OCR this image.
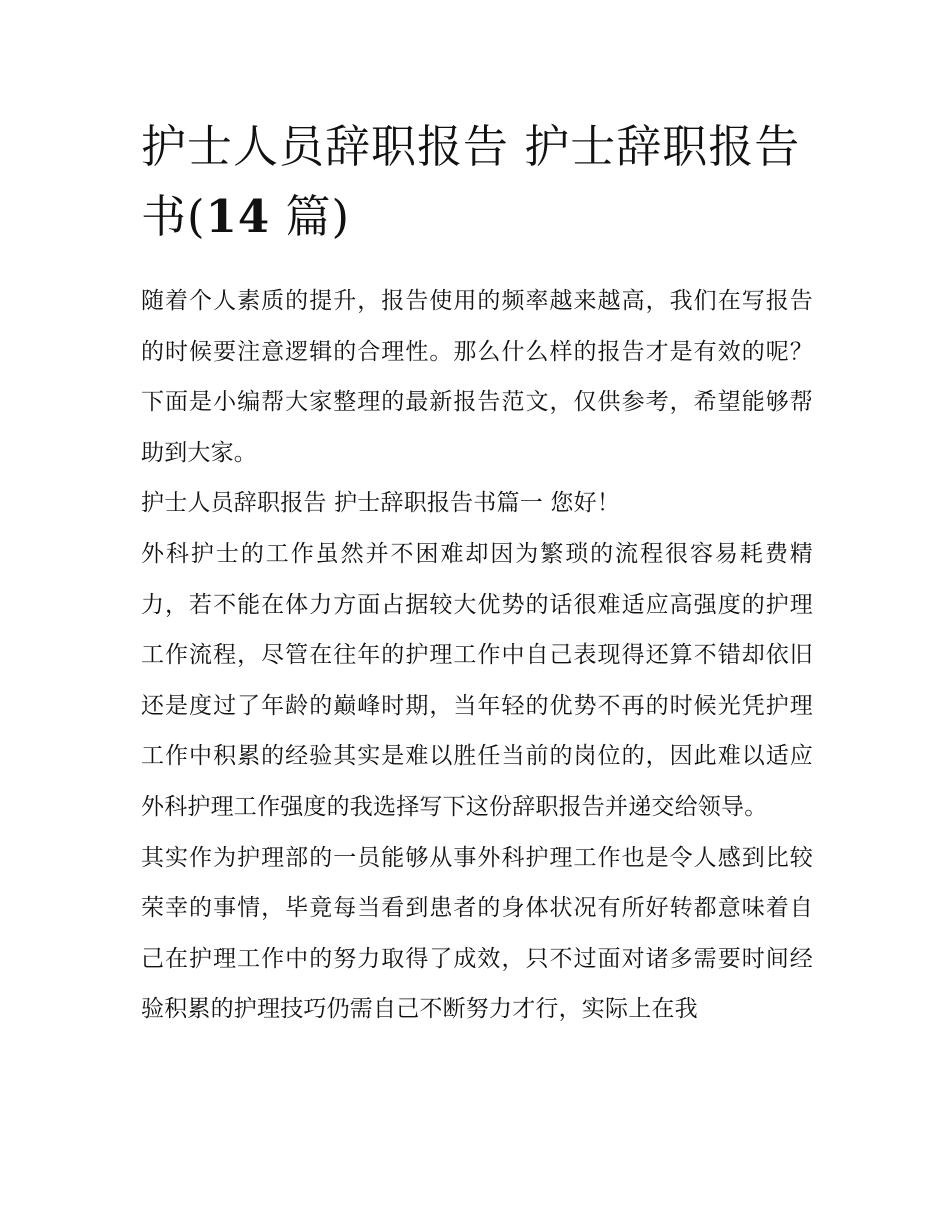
护士人员辞职报告 护士辞职报告书(14 篇)

随着个人素质的提升，报告使用的频率越来越高，我们在写报告的时候要注意逻辑的合理性。那么什么样的报告才是有效的呢？下面是小编帮大家整理的最新报告范文，仅供参考，希望能够帮助到大家。

护士人员辞职报告 护士辞职报告书篇一 您好！

外科护士的工作虽然并不困难却因为繁琐的流程很容易耗费精力，若不能在体力方面占据较大优势的话很难适应高强度的护理工作流程，尽管在往年的护理工作中自己表现得还算不错却依旧还是度过了年龄的巅峰时期，当年轻的优势不再的时候光凭护理工作中积累的经验其实是难以胜任当前的岗位的，因此难以适应外科护理工作强度的我选择写下这份辞职报告并递交给领导。

其实作为护理部的一员能够从事外科护理工作也是令人感到比较荣幸的事情，毕竟每当看到患者的身体状况有所好转都意味着自己在护理工作中的努力取得了成效，只不过面对诸多需要时间经验积累的护理技巧仍需自己不断努力才行，实际上在我
